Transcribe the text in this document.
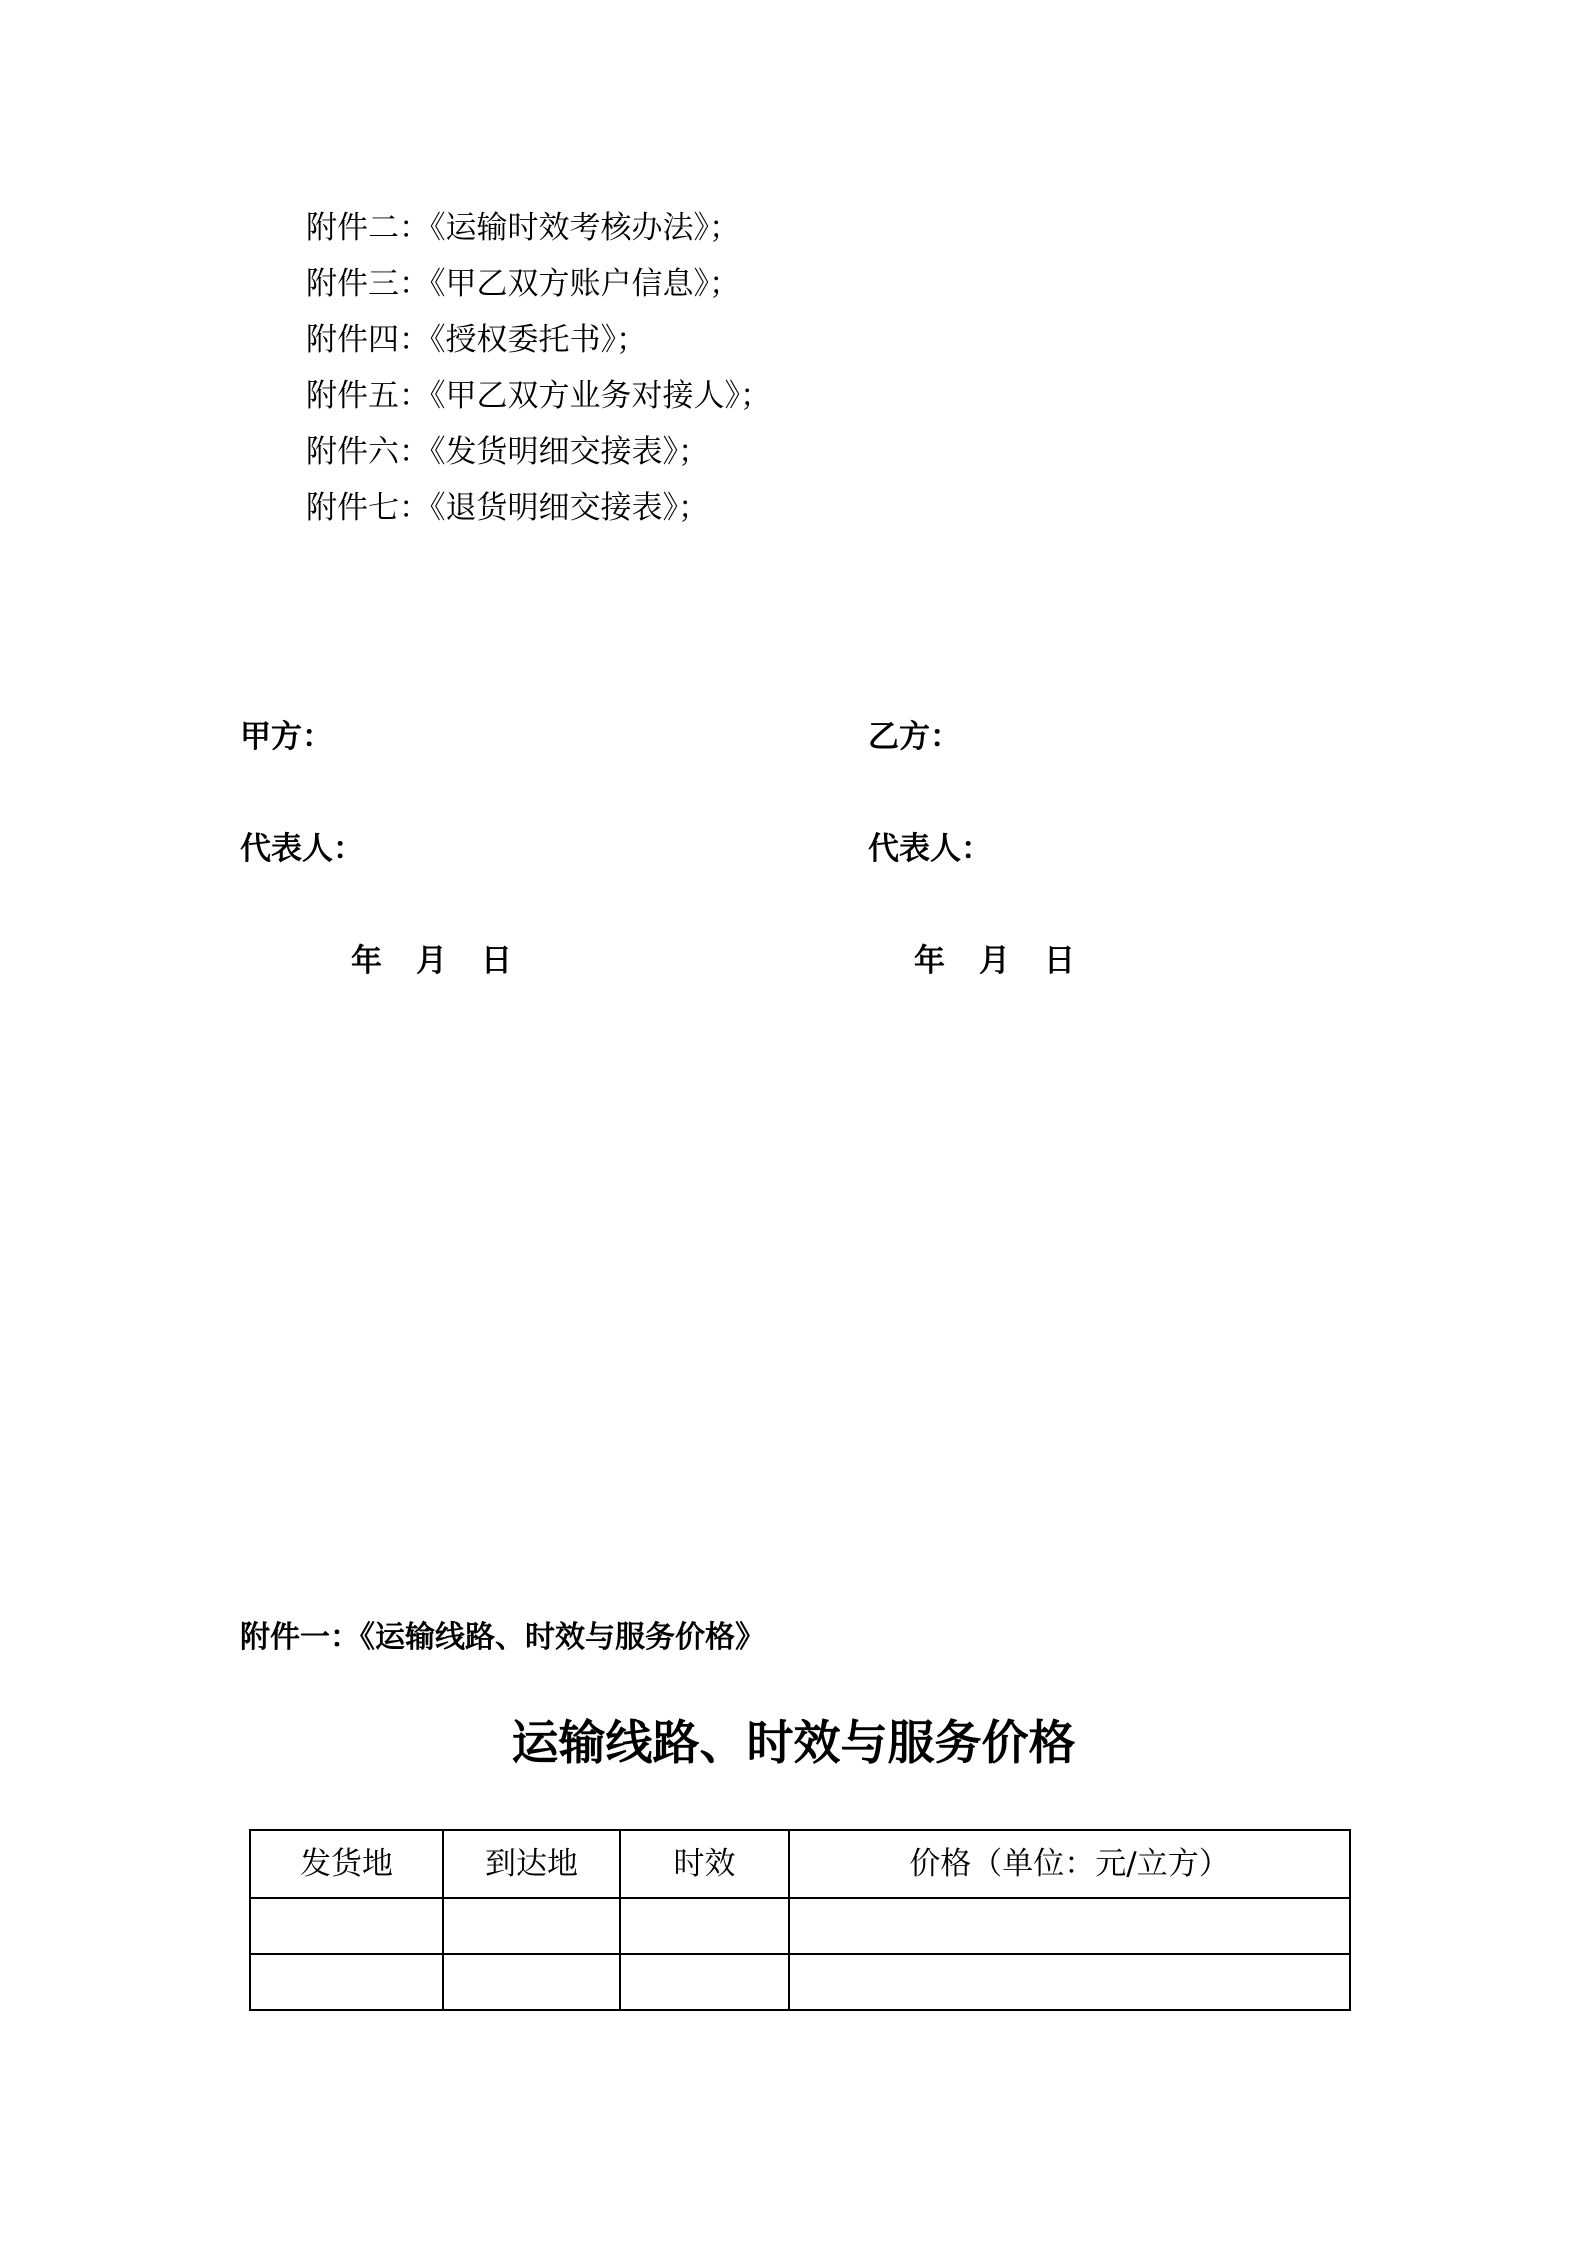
附件二：《运输时效考核办法》；
附件三：《甲乙双方账户信息》；
附件四：《授权委托书》；
附件五：《甲乙双方业务对接人》；
附件六：《发货明细交接表》；
附件七：《退货明细交接表》；
甲方：	乙方：
代表人：	代表人：
年 月 日	年 月 日
附件一：《运输线路、时效与服务价格》
运输线路、时效与服务价格
发货地	到达地	时效	价格（单位：元/立方）
